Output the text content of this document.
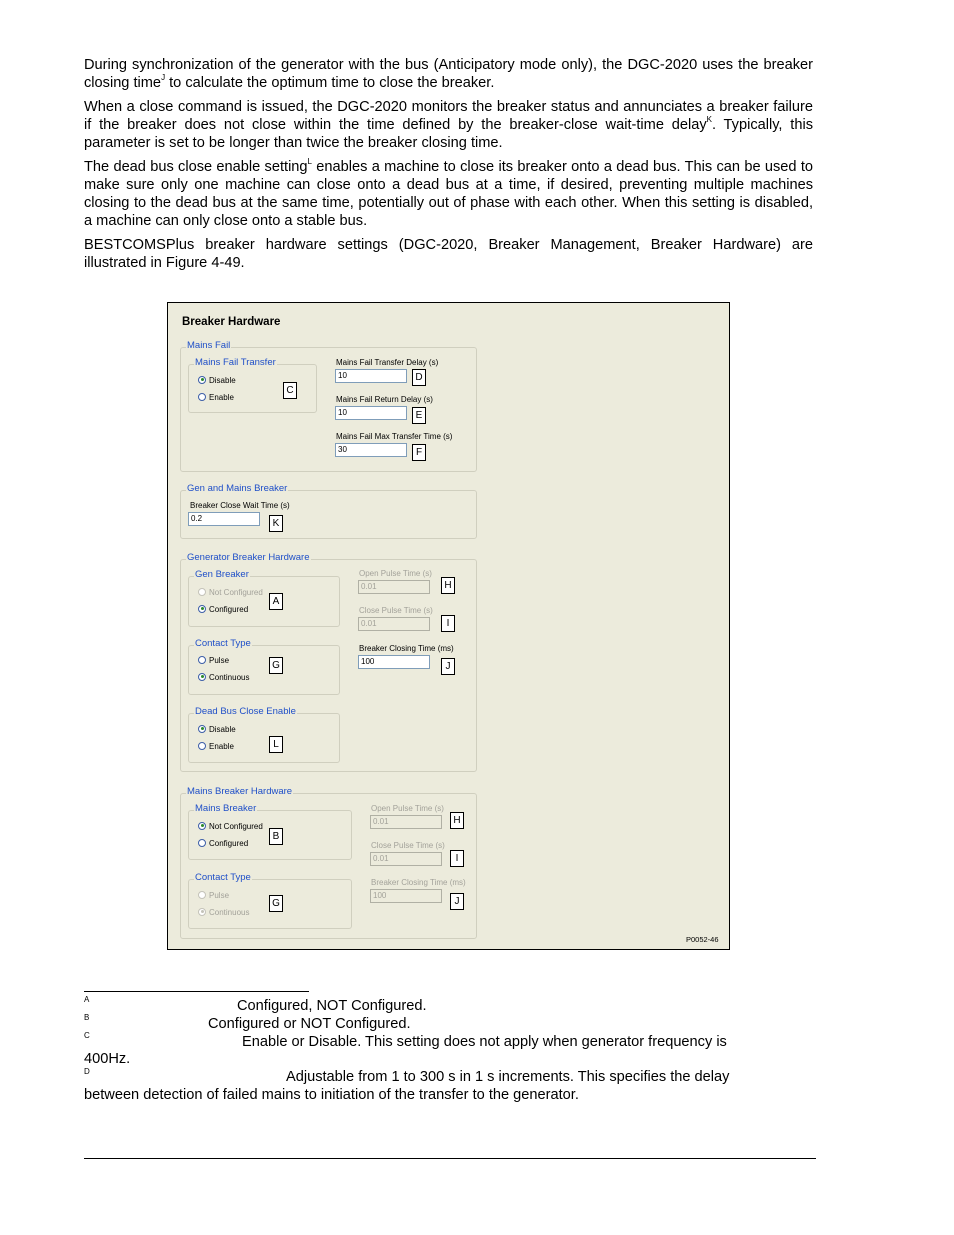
During synchronization of the generator with the bus (Anticipatory mode only), the DGC-2020 uses the breaker closing time$^J$ to calculate the optimum time to close the breaker.

When a close command is issued, the DGC-2020 monitors the breaker status and annunciates a breaker failure if the breaker does not close within the time defined by the breaker-close wait-time delay$^K$. Typically, this parameter is set to be longer than twice the breaker closing time.

The dead bus close enable setting$^L$ enables a machine to close its breaker onto a dead bus. This can be used to make sure only one machine can close onto a dead bus at a time, if desired, preventing multiple machines closing to the dead bus at the same time, potentially out of phase with each other. When this setting is disabled, a machine can only close onto a stable bus.

BESTCOMSPlus breaker hardware settings (DGC-2020, Breaker Management, Breaker Hardware) are illustrated in Figure 4-49.

Breaker Hardware
Mains Fail
Mains Fail Transfer
Disable
Enable
C
Mains Fail Transfer Delay (s)
10	D
Mains Fail Return Delay (s)
10	E
Mains Fail Max Transfer Time (s)
30	F
Gen and Mains Breaker
Breaker Close Wait Time (s)
0.2	K
Generator Breaker Hardware
Gen Breaker
Not Configured
Configured
A
Contact Type
Pulse
Continuous
G
Dead Bus Close Enable
Disable
Enable	L
Open Pulse Time (s)
0.01	H
Close Pulse Time (s)
0.01	I
Breaker Closing Time (ms)
100	J
Mains Breaker Hardware
Mains Breaker
Not Configured
Configured
B
Contact Type
Pulse
Continuous
G
Open Pulse Time (s)
0.01	H
Close Pulse Time (s)
0.01	I
Breaker Closing Time (ms)
100
J
P0052-46
A	Configured, NOT Configured.
B	Configured or NOT Configured.
C	Enable or Disable. This setting does not apply when generator frequency is
400Hz.
D	Adjustable from 1 to 300 s in 1 s increments. This specifies the delay
between detection of failed mains to initiation of the transfer to the generator.
